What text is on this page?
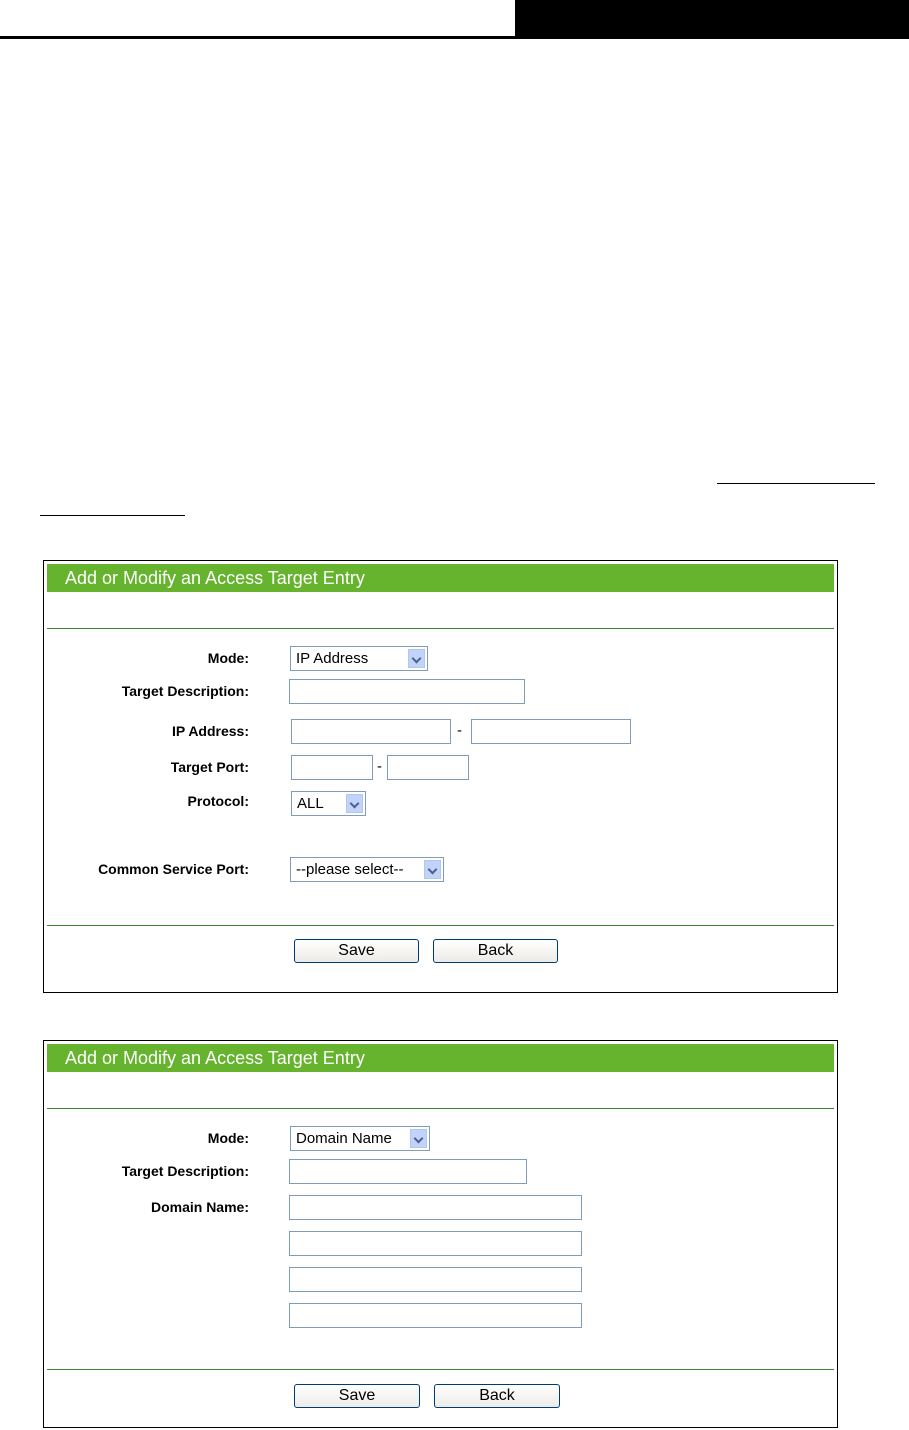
Add or Modify an Access Target Entry
Mode:	IP Address
Target Description:
IP Address:	-
Target Port:	-
Protocol:	ALL
Common Service Port:	--please select--
Save	Back
Add or Modify an Access Target Entry
Mode:	Domain Name
Target Description:
Domain Name:
Save	Back
